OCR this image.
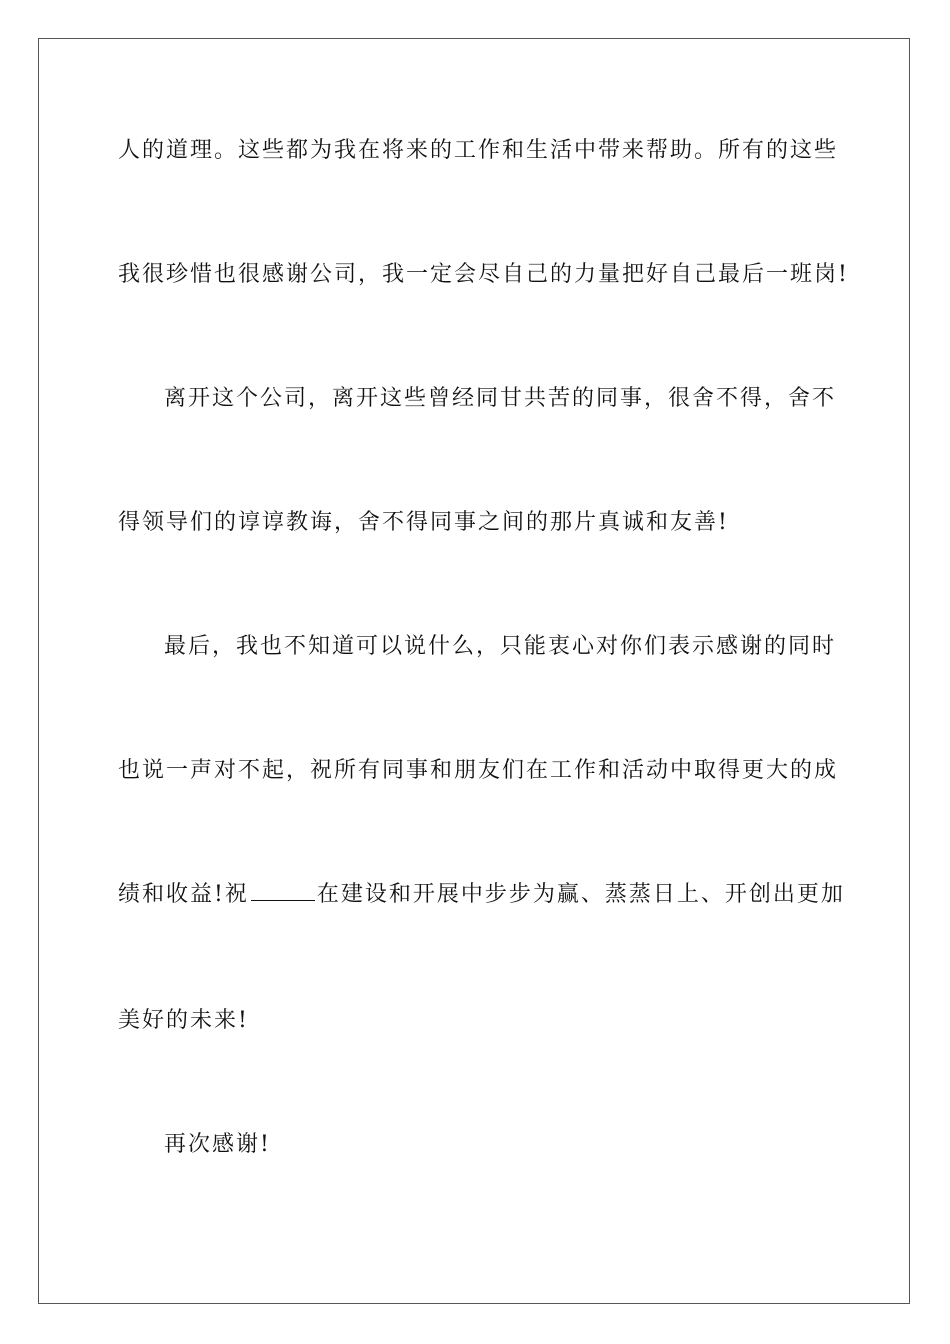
人的道理。这些都为我在将来的工作和生活中带来帮助。所有的这些
我很珍惜也很感谢公司，我一定会尽自己的力量把好自己最后一班岗!
离开这个公司，离开这些曾经同甘共苦的同事，很舍不得，舍不
得领导们的谆谆教诲，舍不得同事之间的那片真诚和友善!
最后，我也不知道可以说什么，只能衷心对你们表示感谢的同时
也说一声对不起，祝所有同事和朋友们在工作和活动中取得更大的成
绩和收益!祝	在建设和开展中步步为赢、蒸蒸日上、开创出更加
美好的未来!
再次感谢!
